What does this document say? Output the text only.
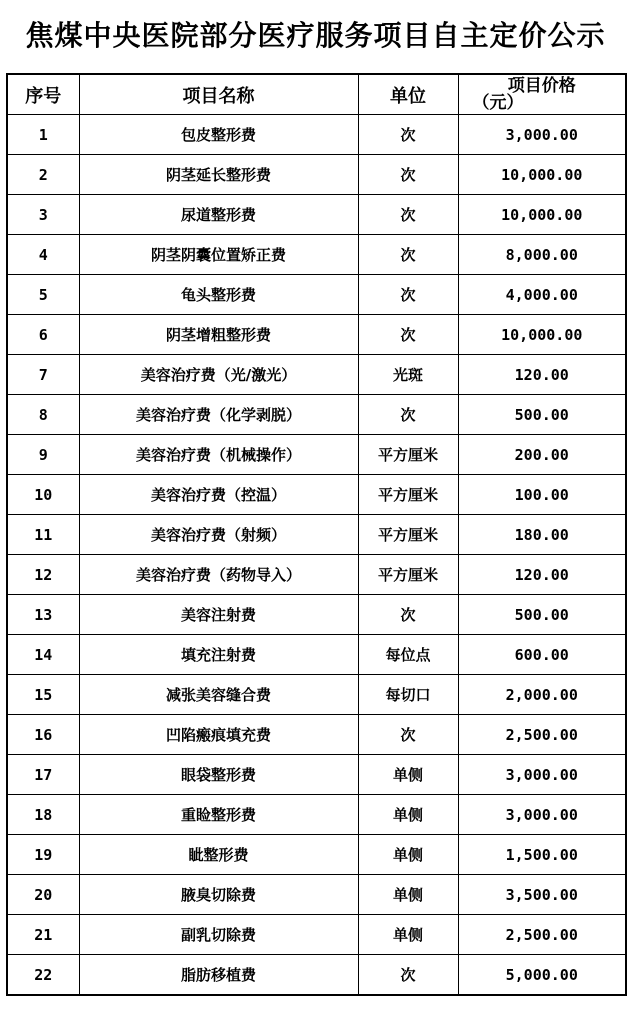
焦煤中央医院部分医疗服务项目自主定价公示
序号	项目名称	单位	项目价格
（元）

1	包皮整形费	次	3,000.00
2	阴茎延长整形费	次	10,000.00
3	尿道整形费	次	10,000.00
4	阴茎阴囊位置矫正费	次	8,000.00
5	龟头整形费	次	4,000.00
6	阴茎增粗整形费	次	10,000.00
7	美容治疗费（光/激光）	光斑	120.00
8	美容治疗费（化学剥脱）	次	500.00
9	美容治疗费（机械操作）	平方厘米	200.00
10	美容治疗费（控温）	平方厘米	100.00
11	美容治疗费（射频）	平方厘米	180.00
12	美容治疗费（药物导入）	平方厘米	120.00
13	美容注射费	次	500.00
14	填充注射费	每位点	600.00
15	减张美容缝合费	每切口	2,000.00
16	凹陷瘢痕填充费	次	2,500.00
17	眼袋整形费	单侧	3,000.00
18	重睑整形费	单侧	3,000.00
19	眦整形费	单侧	1,500.00
20	腋臭切除费	单侧	3,500.00
21	副乳切除费	单侧	2,500.00
22	脂肪移植费	次	5,000.00
